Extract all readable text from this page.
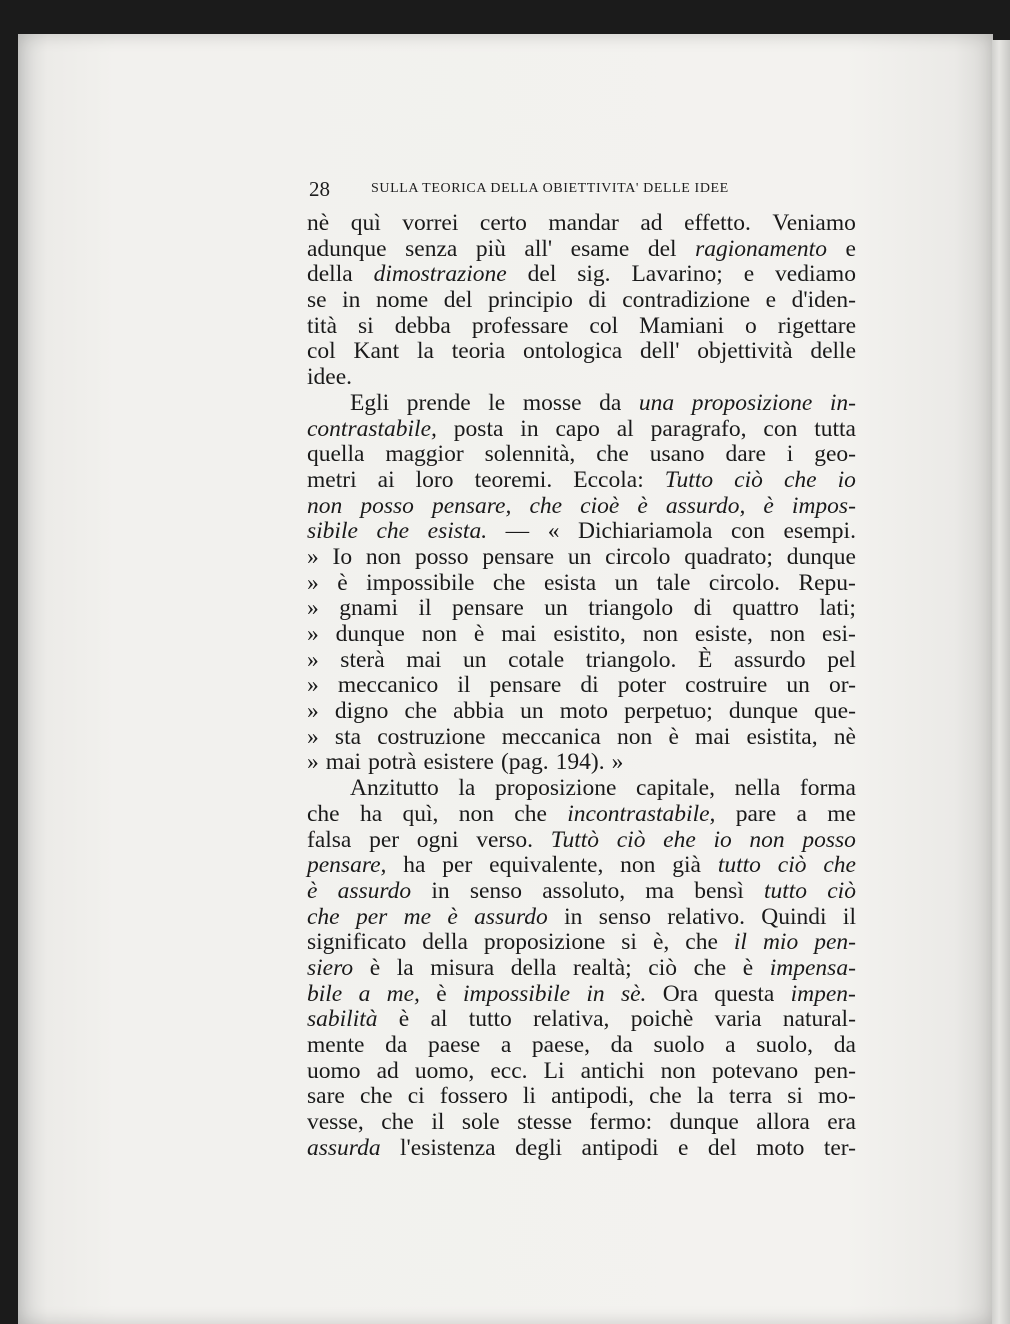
28	SULLA TEORICA DELLA OBIETTIVITA' DELLE IDEE
nè quì vorrei certo mandar ad effetto. Veniamo
adunque senza più all' esame del ragionamento e
della dimostrazione del sig. Lavarino; e vediamo
se in nome del principio di contradizione e d'iden-
tità si debba professare col Mamiani o rigettare
col Kant la teoria ontologica dell' objettività delle
idee.
Egli prende le mosse da una proposizione in-
contrastabile, posta in capo al paragrafo, con tutta
quella maggior solennità, che usano dare i geo-
metri ai loro teoremi. Eccola: Tutto ciò che io
non posso pensare, che cioè è assurdo, è impos-
sibile che esista. — « Dichiariamola con esempi.
» Io non posso pensare un circolo quadrato; dunque
» è impossibile che esista un tale circolo. Repu-
» gnami il pensare un triangolo di quattro lati;
» dunque non è mai esistito, non esiste, non esi-
» sterà mai un cotale triangolo. È assurdo pel
» meccanico il pensare di poter costruire un or-
» digno che abbia un moto perpetuo; dunque que-
» sta costruzione meccanica non è mai esistita, nè
» mai potrà esistere (pag. 194). »
Anzitutto la proposizione capitale, nella forma
che ha quì, non che incontrastabile, pare a me
falsa per ogni verso. Tuttò ciò ehe io non posso
pensare, ha per equivalente, non già tutto ciò che
è assurdo in senso assoluto, ma bensì tutto ciò
che per me è assurdo in senso relativo. Quindi il
significato della proposizione si è, che il mio pen-
siero è la misura della realtà; ciò che è impensa-
bile a me, è impossibile in sè. Ora questa impen-
sabilità è al tutto relativa, poichè varia natural-
mente da paese a paese, da suolo a suolo, da
uomo ad uomo, ecc. Li antichi non potevano pen-
sare che ci fossero li antipodi, che la terra si mo-
vesse, che il sole stesse fermo: dunque allora era
assurda l'esistenza degli antipodi e del moto ter-
